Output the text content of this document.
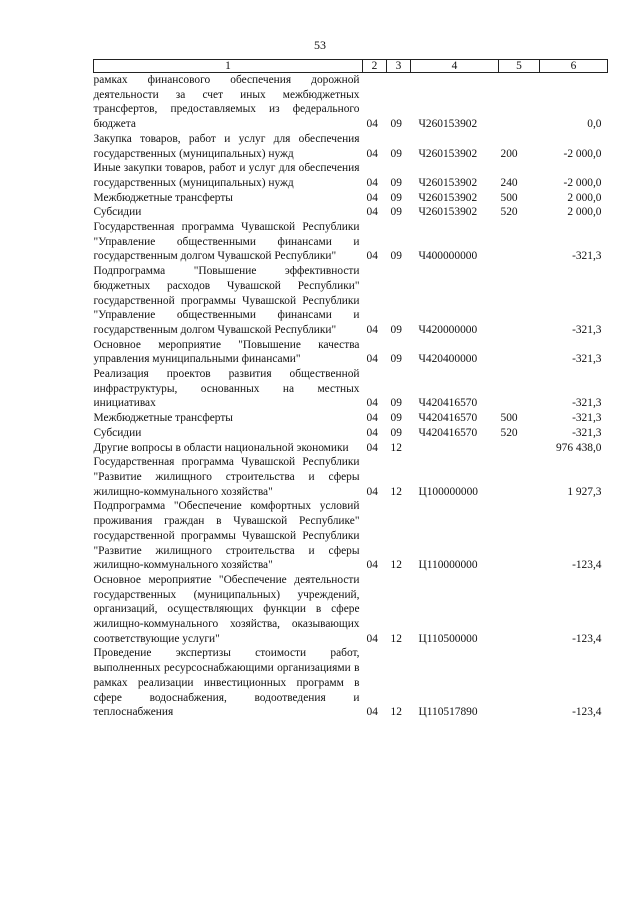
53
1	2	3	4	5	6
рамках финансового обеспечения дорожной деятельности за счет иных межбюджетных трансфертов, предоставляемых из федерального бюджета	04	09	Ч260153902		0,0
Закупка товаров, работ и услуг для обеспечения государственных (муниципальных) нужд	04	09	Ч260153902	200	-2 000,0
Иные закупки товаров, работ и услуг для обеспечения государственных (муниципальных) нужд	04	09	Ч260153902	240	-2 000,0
Межбюджетные трансферты	04	09	Ч260153902	500	2 000,0
Субсидии	04	09	Ч260153902	520	2 000,0
Государственная программа Чувашской Республики "Управление общественными финансами и государственным долгом Чувашской Республики"	04	09	Ч400000000		-321,3
Подпрограмма "Повышение эффективности бюджетных расходов Чувашской Республики" государственной программы Чувашской Республики "Управление общественными финансами и государственным долгом Чувашской Республики"	04	09	Ч420000000		-321,3
Основное мероприятие "Повышение качества управления муниципальными финансами"	04	09	Ч420400000		-321,3
Реализация проектов развития общественной инфраструктуры, основанных на местных инициативах	04	09	Ч420416570		-321,3
Межбюджетные трансферты	04	09	Ч420416570	500	-321,3
Субсидии	04	09	Ч420416570	520	-321,3
Другие вопросы в области национальной экономики	04	12			976 438,0
Государственная программа Чувашской Республики "Развитие жилищного строительства и сферы жилищно-коммунального хозяйства"	04	12	Ц100000000		1 927,3
Подпрограмма "Обеспечение комфортных условий проживания граждан в Чувашской Республике" государственной программы Чувашской Республики "Развитие жилищного строительства и сферы жилищно-коммунального хозяйства"	04	12	Ц110000000		-123,4
Основное мероприятие "Обеспечение деятельности государственных (муниципальных) учреждений, организаций, осуществляющих функции в сфере жилищно-коммунального хозяйства, оказывающих соответствующие услуги"	04	12	Ц110500000		-123,4
Проведение экспертизы стоимости работ, выполненных ресурсоснабжающими организациями в рамках реализации инвестиционных программ в сфере водоснабжения, водоотведения и теплоснабжения	04	12	Ц110517890		-123,4
